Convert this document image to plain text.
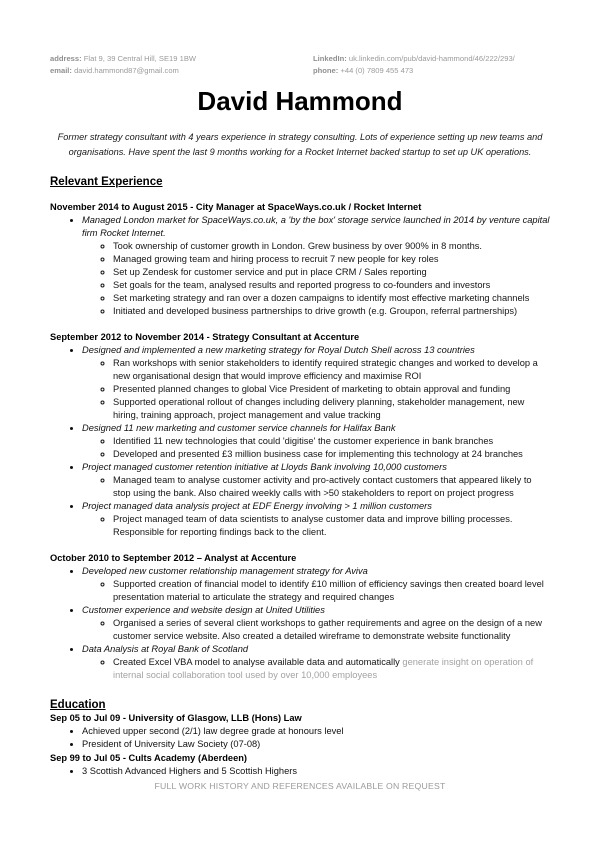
address: Flat 9, 39 Central Hill, SE19 1BW
email: david.hammond87@gmail.com
LinkedIn: uk.linkedin.com/pub/david-hammond/46/222/293/
phone: +44 (0) 7809 455 473
David Hammond
Former strategy consultant with 4 years experience in strategy consulting. Lots of experience setting up new teams and organisations. Have spent the last 9 months working for a Rocket Internet backed startup to set up UK operations.
Relevant Experience
November 2014 to August 2015 - City Manager at SpaceWays.co.uk / Rocket Internet
• Managed London market for SpaceWays.co.uk, a 'by the box' storage service launched in 2014 by venture capital firm Rocket Internet.
◦ Took ownership of customer growth in London. Grew business by over 900% in 8 months.
◦ Managed growing team and hiring process to recruit 7 new people for key roles
◦ Set up Zendesk for customer service and put in place CRM / Sales reporting
◦ Set goals for the team, analysed results and reported progress to co-founders and investors
◦ Set marketing strategy and ran over a dozen campaigns to identify most effective marketing channels
◦ Initiated and developed business partnerships to drive growth (e.g. Groupon, referral partnerships)
September 2012 to November 2014 - Strategy Consultant at Accenture
• Designed and implemented a new marketing strategy for Royal Dutch Shell across 13 countries
◦ Ran workshops with senior stakeholders to identify required strategic changes and worked to develop a new organisational design that would improve efficiency and maximise ROI
◦ Presented planned changes to global Vice President of marketing to obtain approval and funding
◦ Supported operational rollout of changes including delivery planning, stakeholder management, new hiring, training approach, project management and value tracking
• Designed 11 new marketing and customer service channels for Halifax Bank
◦ Identified 11 new technologies that could 'digitise' the customer experience in bank branches
◦ Developed and presented £3 million business case for implementing this technology at 24 branches
• Project managed customer retention initiative at Lloyds Bank involving 10,000 customers
◦ Managed team to analyse customer activity and pro-actively contact customers that appeared likely to stop using the bank. Also chaired weekly calls with >50 stakeholders to report on project progress
• Project managed data analysis project at EDF Energy involving > 1 million customers
◦ Project managed team of data scientists to analyse customer data and improve billing processes. Responsible for reporting findings back to the client.
October 2010 to September 2012 – Analyst at Accenture
• Developed new customer relationship management strategy for Aviva
◦ Supported creation of financial model to identify £10 million of efficiency savings then created board level presentation material to articulate the strategy and required changes
• Customer experience and website design at United Utilities
◦ Organised a series of several client workshops to gather requirements and agree on the design of a new customer service website. Also created a detailed wireframe to demonstrate website functionality
• Data Analysis at Royal Bank of Scotland
◦ Created Excel VBA model to analyse available data and automatically generate insight on operation of internal social collaboration tool used by over 10,000 employees
Education
Sep 05 to Jul 09 - University of Glasgow, LLB (Hons) Law
• Achieved upper second (2/1) law degree grade at honours level
• President of University Law Society (07-08)
Sep 99 to Jul 05 - Cults Academy (Aberdeen)
• 3 Scottish Advanced Highers and 5 Scottish Highers
FULL WORK HISTORY AND REFERENCES AVAILABLE ON REQUEST
